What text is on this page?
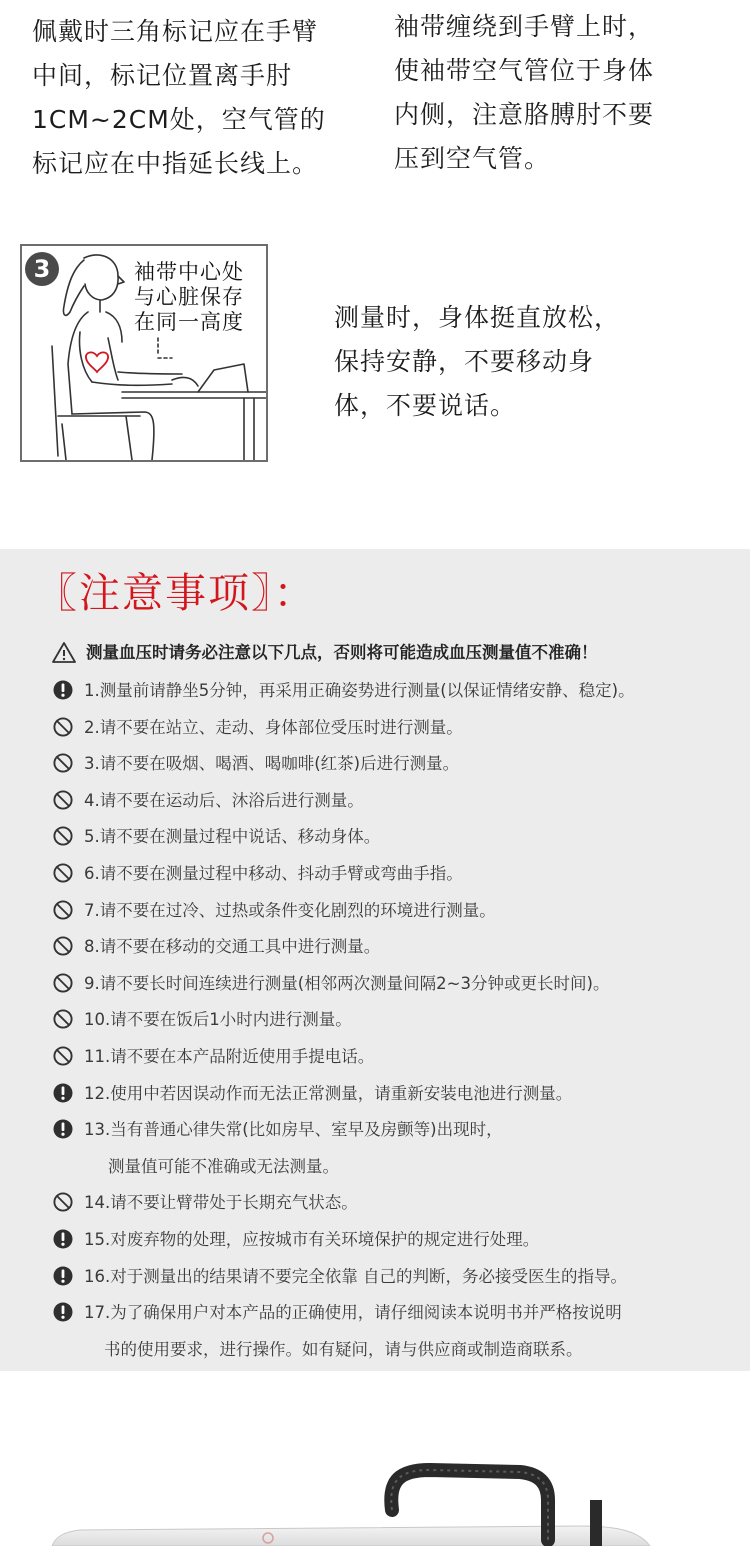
佩戴时三角标记应在手臂
中间，标记位置离手肘
1CM~2CM处，空气管的
标记应在中指延长线上。
袖带缠绕到手臂上时，
使袖带空气管位于身体
内侧，注意胳膊肘不要
压到空气管。
3	袖带中心处
与心脏保存
在同一高度	测量时，身体挺直放松，
保持安静，不要移动身
体，不要说话。
〖注意事项〗：
测量血压时请务必注意以下几点，否则将可能造成血压测量值不准确！
1.测量前请静坐5分钟，再采用正确姿势进行测量(以保证情绪安静、稳定)。
2.请不要在站立、走动、身体部位受压时进行测量。
3.请不要在吸烟、喝酒、喝咖啡(红茶)后进行测量。
4.请不要在运动后、沐浴后进行测量。
5.请不要在测量过程中说话、移动身体。
6.请不要在测量过程中移动、抖动手臂或弯曲手指。
7.请不要在过冷、过热或条件变化剧烈的环境进行测量。
8.请不要在移动的交通工具中进行测量。
9.请不要长时间连续进行测量(相邻两次测量间隔2~3分钟或更长时间)。
10.请不要在饭后1小时内进行测量。
11.请不要在本产品附近使用手提电话。
12.使用中若因误动作而无法正常测量，请重新安装电池进行测量。
13.当有普通心律失常(比如房早、室早及房颤等)出现时，
测量值可能不准确或无法测量。
14.请不要让臂带处于长期充气状态。
15.对废弃物的处理，应按城市有关环境保护的规定进行处理。
16.对于测量出的结果请不要完全依靠 自己的判断，务必接受医生的指导。
17.为了确保用户对本产品的正确使用，请仔细阅读本说明书并严格按说明
书的使用要求，进行操作。如有疑问，请与供应商或制造商联系。
